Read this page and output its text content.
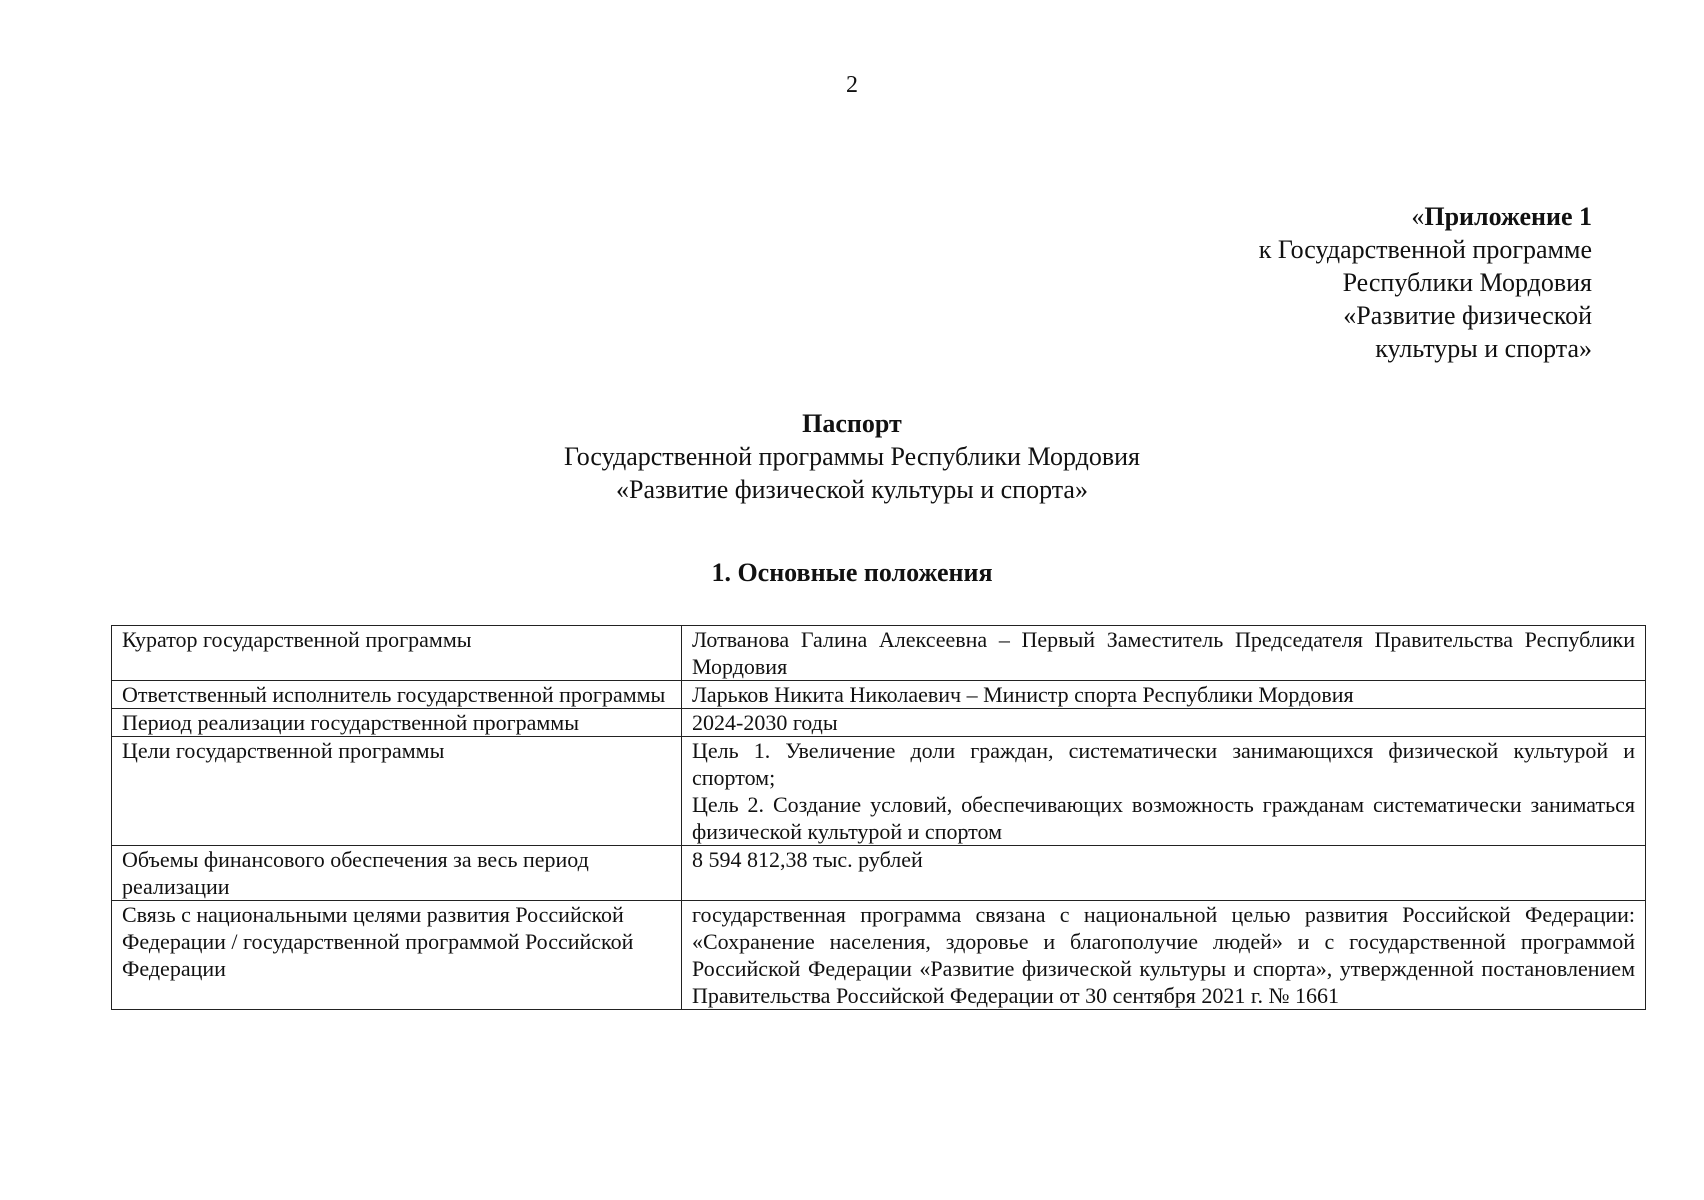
2
«Приложение 1
к Государственной программе
Республики Мордовия
«Развитие физической
культуры и спорта»
Паспорт
Государственной программы Республики Мордовия
«Развитие физической культуры и спорта»
1. Основные положения
Куратор государственной программы	Лотванова Галина Алексеевна – Первый Заместитель Председателя Правительства Республики Мордовия
Ответственный исполнитель государственной программы	Ларьков Никита Николаевич – Министр спорта Республики Мордовия
Период реализации государственной программы	2024-2030 годы
Цели государственной программы	Цель 1. Увеличение доли граждан, систематически занимающихся физической культурой и спортом;
Цель 2. Создание условий, обеспечивающих возможность гражданам систематически заниматься физической культурой и спортом

Объемы финансового обеспечения за весь период реализации	8 594 812,38 тыс. рублей
Связь с национальными целями развития Российской Федерации / государственной программой Российской Федерации	государственная программа связана с национальной целью развития Российской Федерации: «Сохранение населения, здоровье и благополучие людей» и с государственной программой Российской Федерации «Развитие физической культуры и спорта», утвержденной постановлением Правительства Российской Федерации от 30 сентября 2021 г. № 1661
